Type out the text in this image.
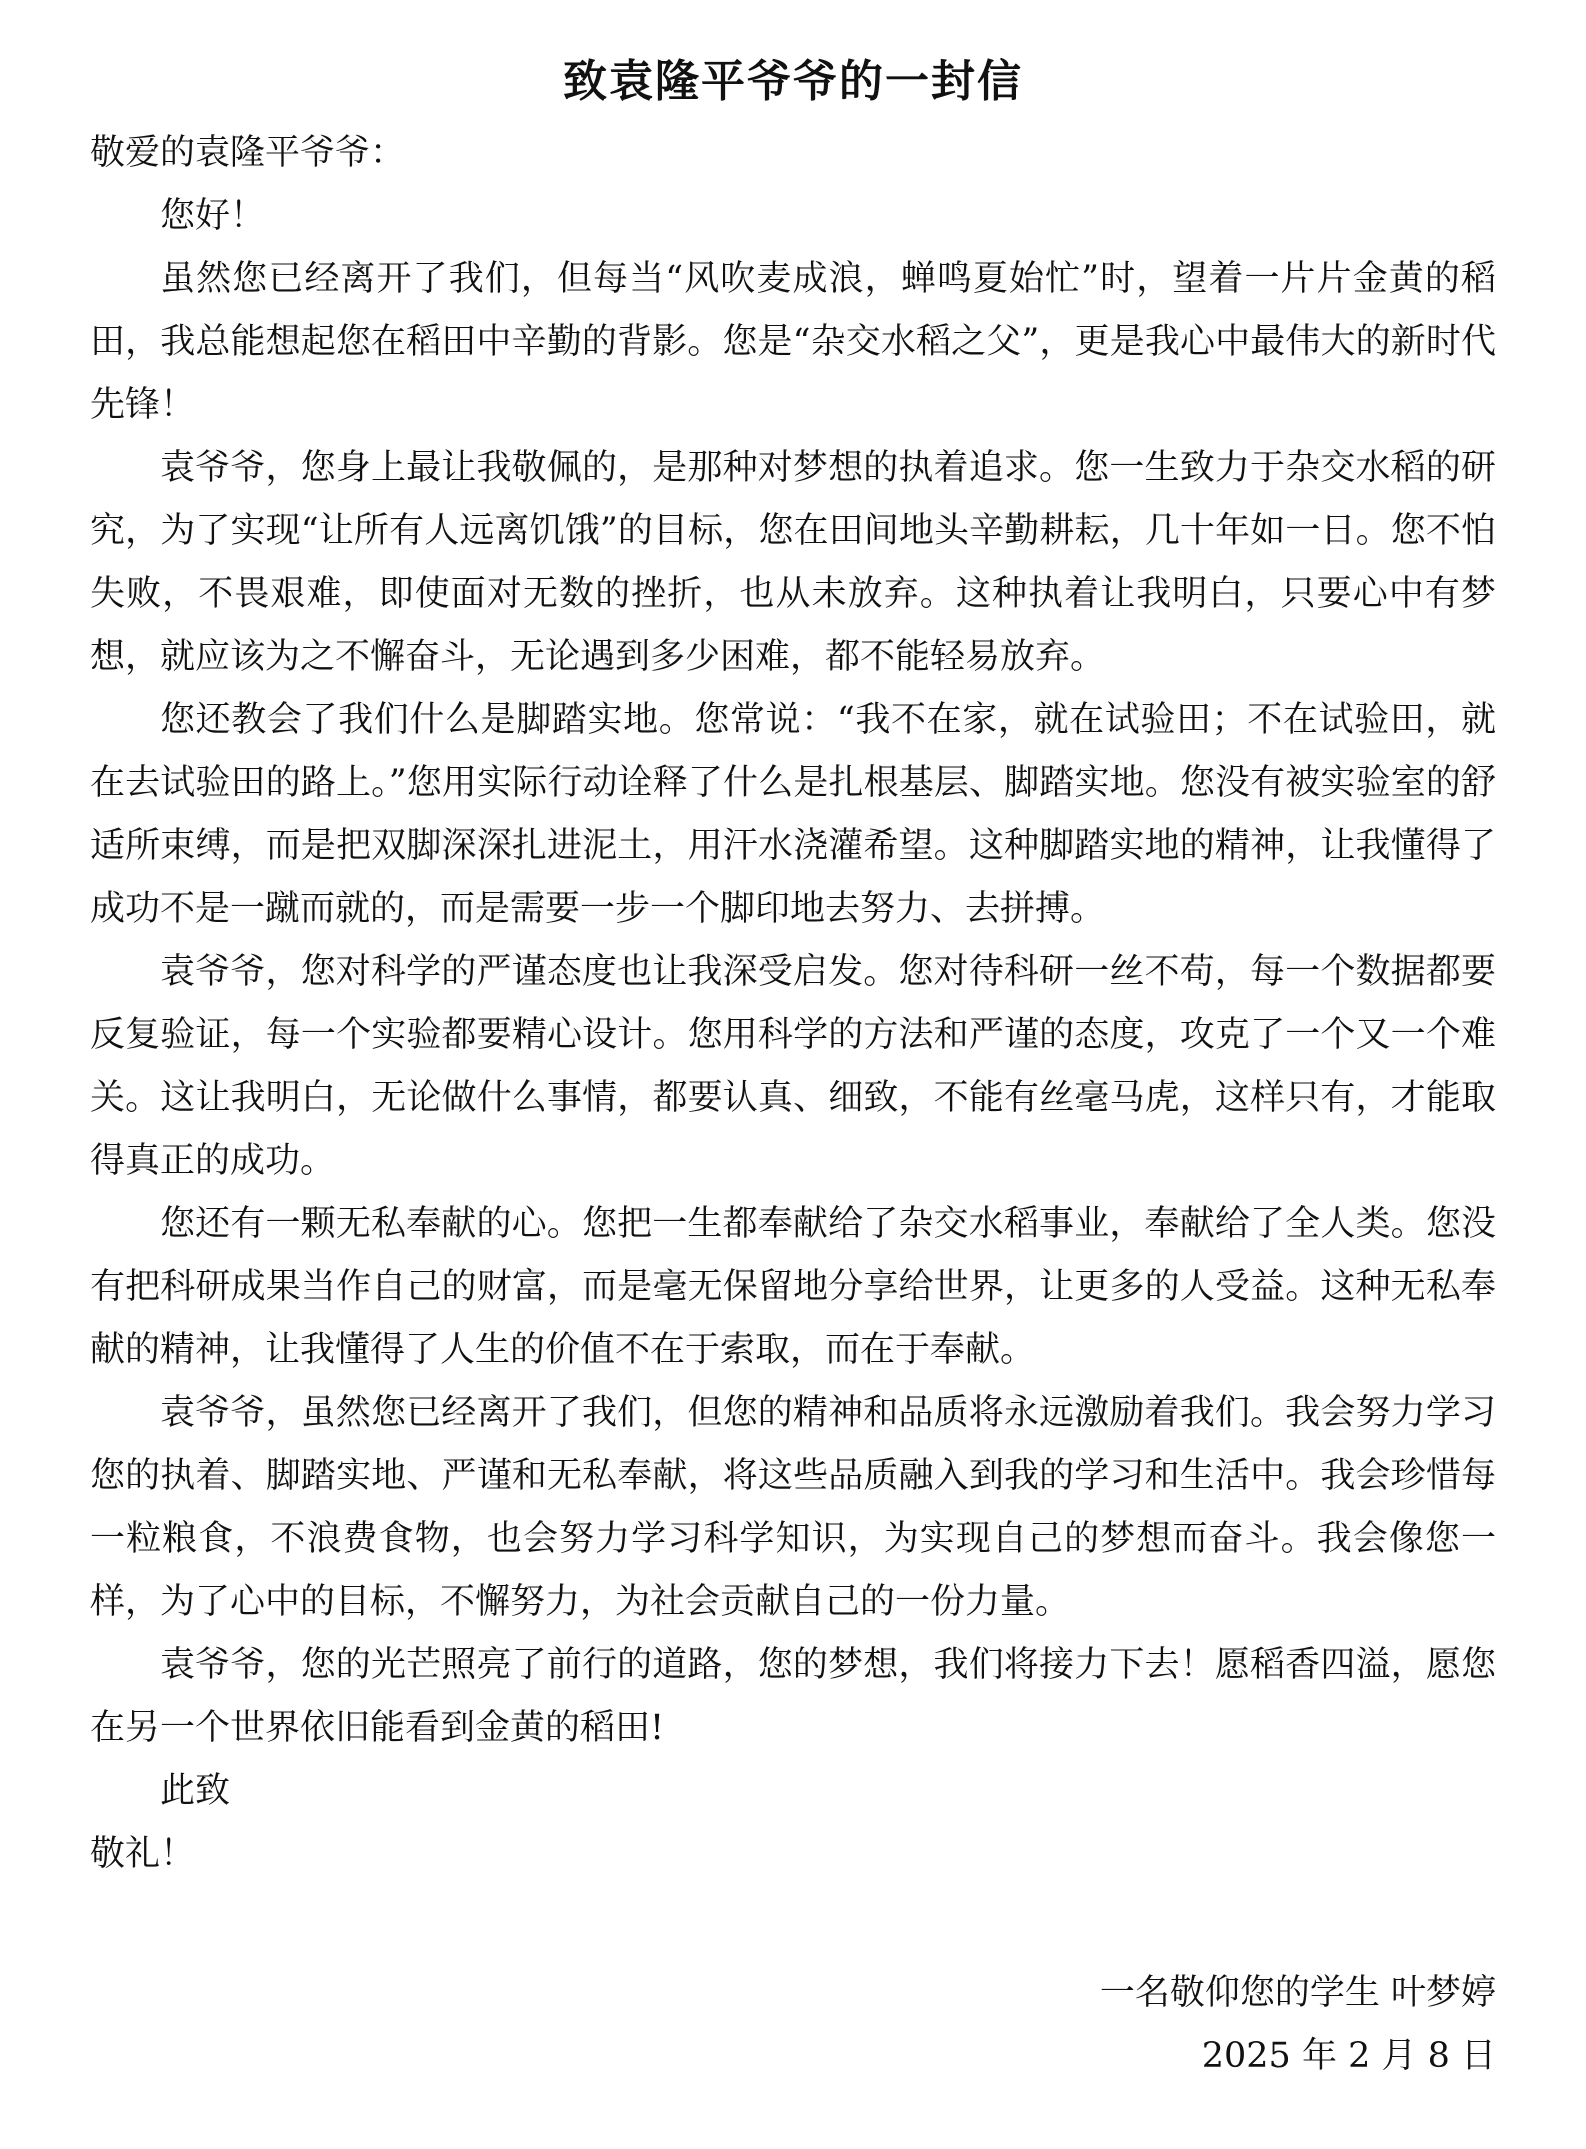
致袁隆平爷爷的一封信

敬爱的袁隆平爷爷：

您好！

虽然您已经离开了我们，但每当“风吹麦成浪，蝉鸣夏始忙”时，望着一片片金黄的稻田，我总能想起您在稻田中辛勤的背影。您是“杂交水稻之父”，更是我心中最伟大的新时代先锋！

袁爷爷，您身上最让我敬佩的，是那种对梦想的执着追求。您一生致力于杂交水稻的研究，为了实现“让所有人远离饥饿”的目标，您在田间地头辛勤耕耘，几十年如一日。您不怕失败，不畏艰难，即使面对无数的挫折，也从未放弃。这种执着让我明白，只要心中有梦想，就应该为之不懈奋斗，无论遇到多少困难，都不能轻易放弃。

您还教会了我们什么是脚踏实地。您常说：“我不在家，就在试验田；不在试验田，就在去试验田的路上。”您用实际行动诠释了什么是扎根基层、脚踏实地。您没有被实验室的舒适所束缚，而是把双脚深深扎进泥土，用汗水浇灌希望。这种脚踏实地的精神，让我懂得了成功不是一蹴而就的，而是需要一步一个脚印地去努力、去拼搏。

袁爷爷，您对科学的严谨态度也让我深受启发。您对待科研一丝不苟，每一个数据都要反复验证，每一个实验都要精心设计。您用科学的方法和严谨的态度，攻克了一个又一个难关。这让我明白，无论做什么事情，都要认真、细致，不能有丝毫马虎，这样只有，才能取得真正的成功。

您还有一颗无私奉献的心。您把一生都奉献给了杂交水稻事业，奉献给了全人类。您没有把科研成果当作自己的财富，而是毫无保留地分享给世界，让更多的人受益。这种无私奉献的精神，让我懂得了人生的价值不在于索取，而在于奉献。

袁爷爷，虽然您已经离开了我们，但您的精神和品质将永远激励着我们。我会努力学习您的执着、脚踏实地、严谨和无私奉献，将这些品质融入到我的学习和生活中。我会珍惜每一粒粮食，不浪费食物，也会努力学习科学知识，为实现自己的梦想而奋斗。我会像您一样，为了心中的目标，不懈努力，为社会贡献自己的一份力量。

袁爷爷，您的光芒照亮了前行的道路，您的梦想，我们将接力下去！愿稻香四溢，愿您在另一个世界依旧能看到金黄的稻田!

此致

敬礼！

一名敬仰您的学生 叶梦婷
2025 年 2 月 8 日
